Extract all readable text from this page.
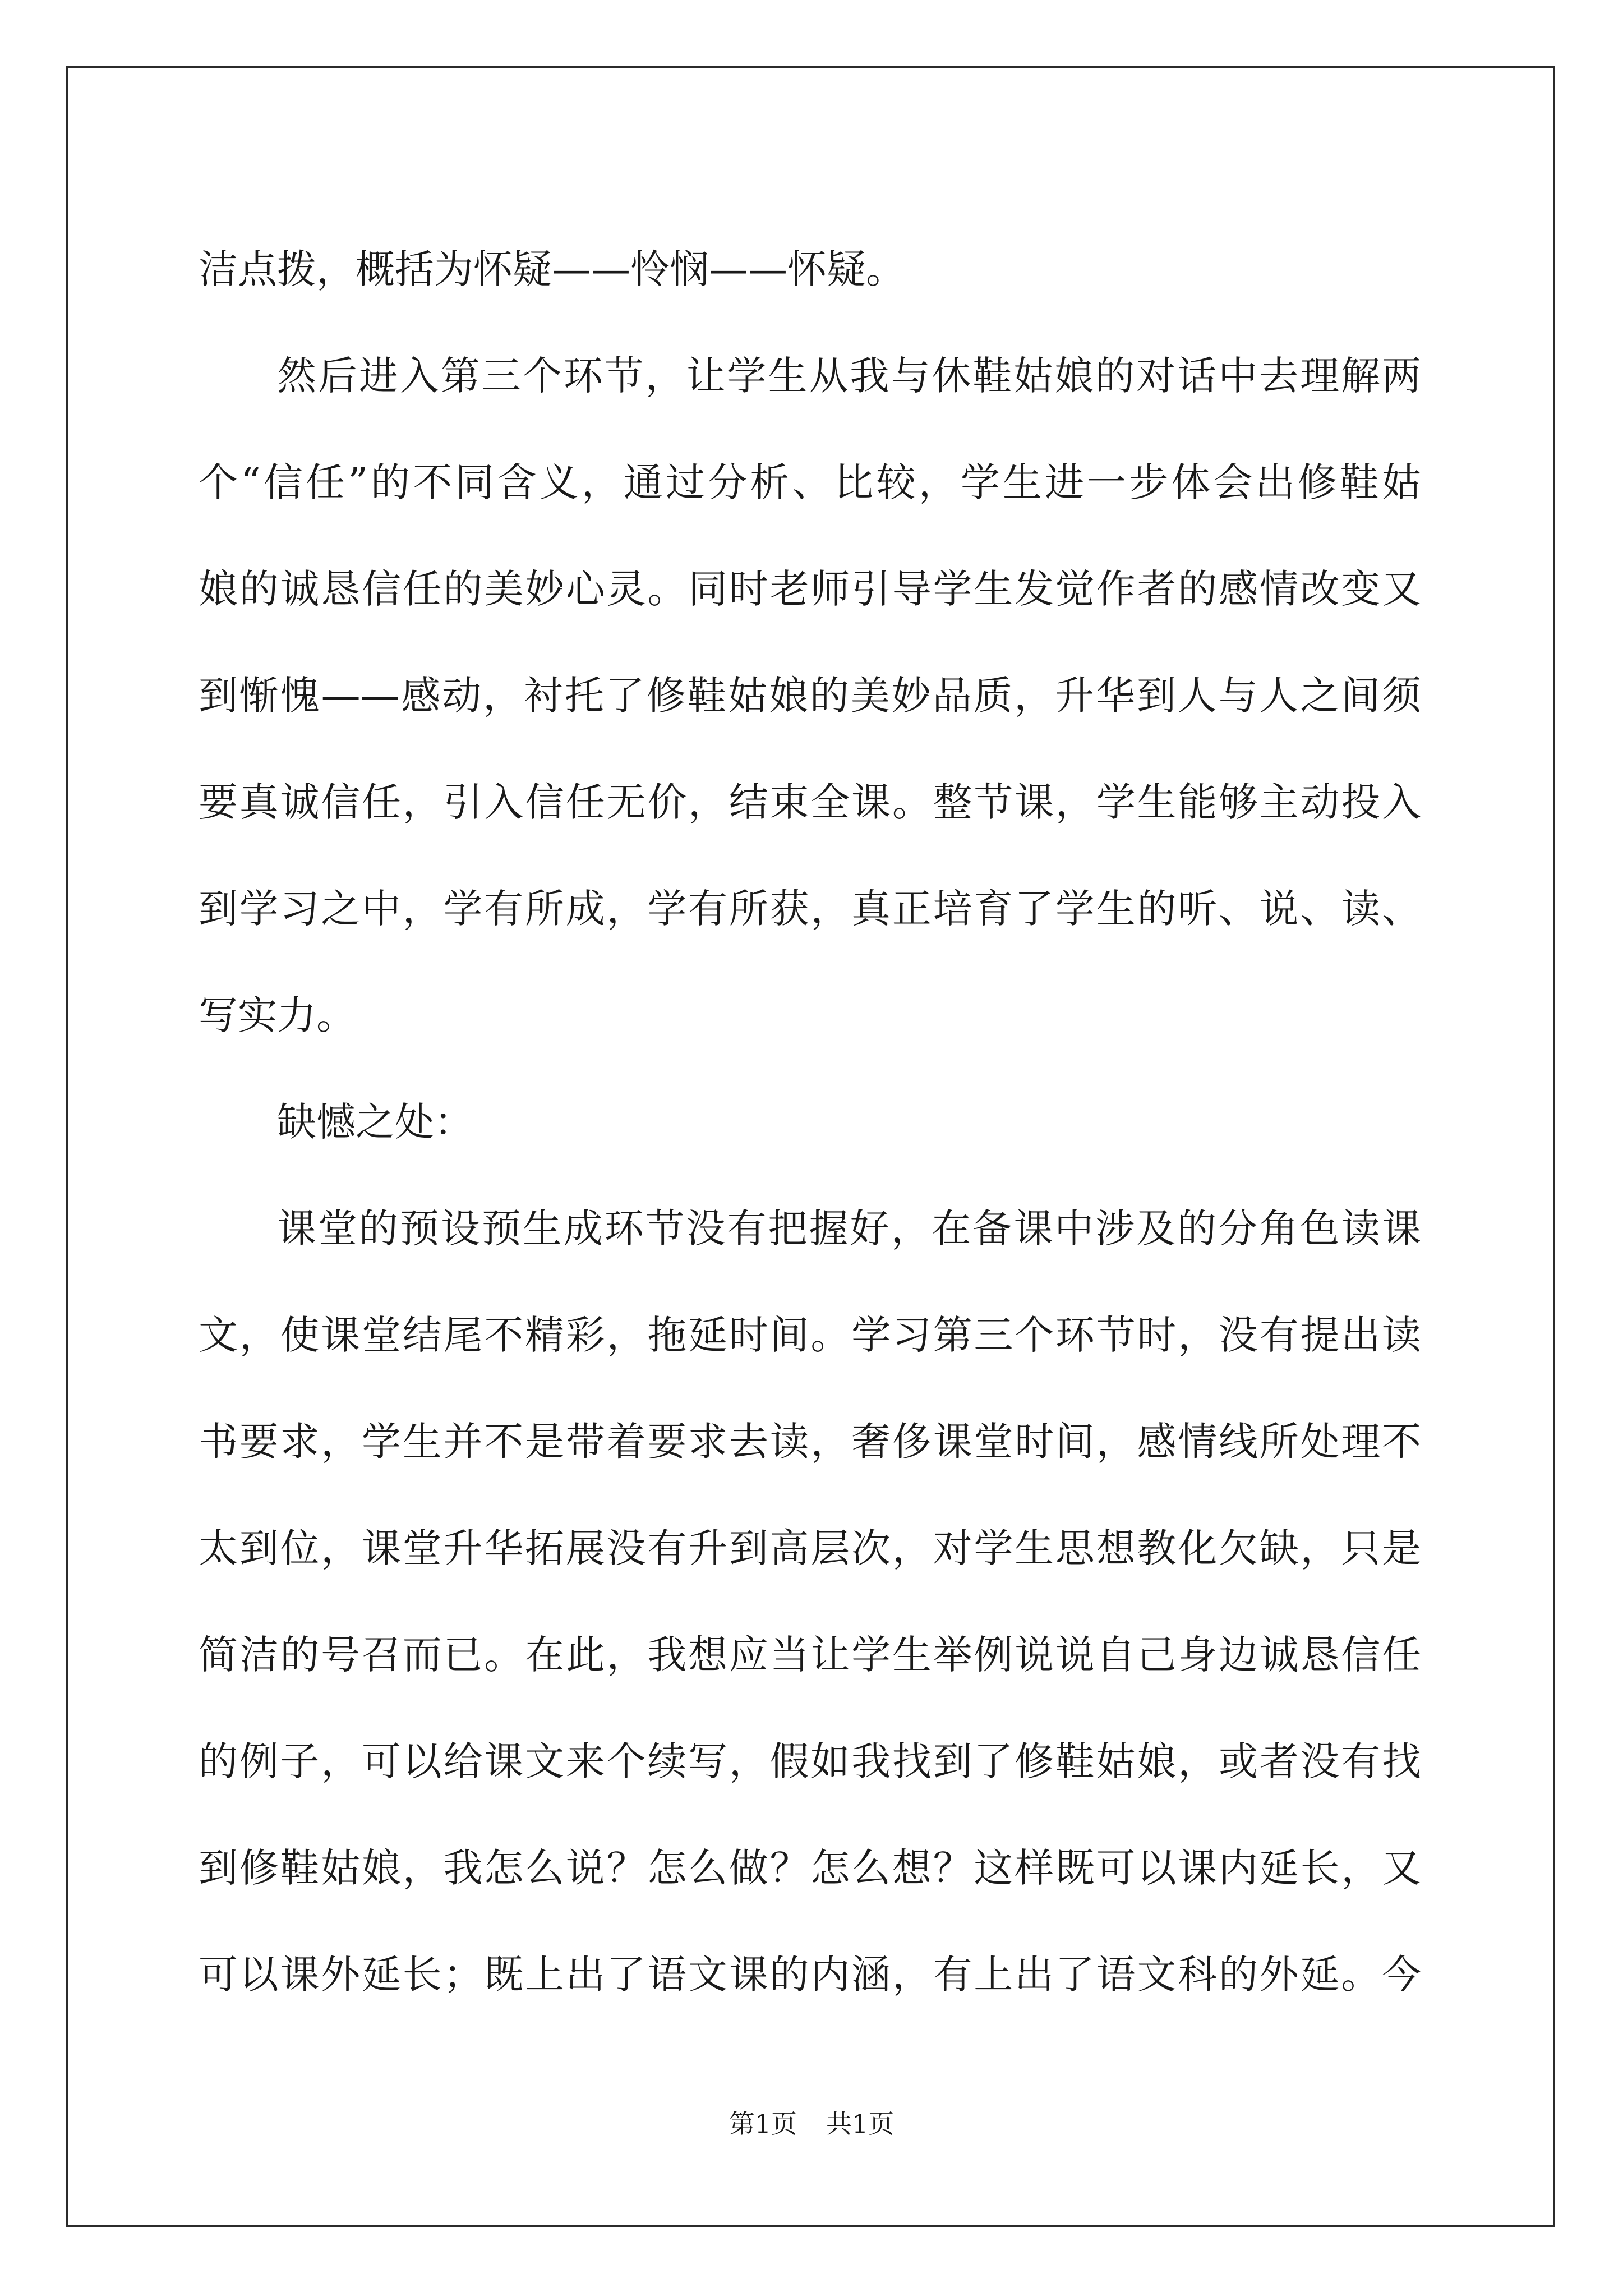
洁点拨，概括为怀疑——怜悯——怀疑。
然后进入第三个环节，让学生从我与休鞋姑娘的对话中去理解两
个“信任”的不同含义，通过分析、比较，学生进一步体会出修鞋姑
娘的诚恳信任的美妙心灵。同时老师引导学生发觉作者的感情改变又
到惭愧——感动，衬托了修鞋姑娘的美妙品质，升华到人与人之间须
要真诚信任，引入信任无价，结束全课。整节课，学生能够主动投入
到学习之中，学有所成，学有所获，真正培育了学生的听、说、读、
写实力。
缺憾之处：
课堂的预设预生成环节没有把握好，在备课中涉及的分角色读课
文，使课堂结尾不精彩，拖延时间。学习第三个环节时，没有提出读
书要求，学生并不是带着要求去读，奢侈课堂时间，感情线所处理不
太到位，课堂升华拓展没有升到高层次，对学生思想教化欠缺，只是
简洁的号召而已。在此，我想应当让学生举例说说自己身边诚恳信任
的例子，可以给课文来个续写，假如我找到了修鞋姑娘，或者没有找
到修鞋姑娘，我怎么说？怎么做？怎么想？这样既可以课内延长，又
可以课外延长；既上出了语文课的内涵，有上出了语文科的外延。今
第1页 共1页
